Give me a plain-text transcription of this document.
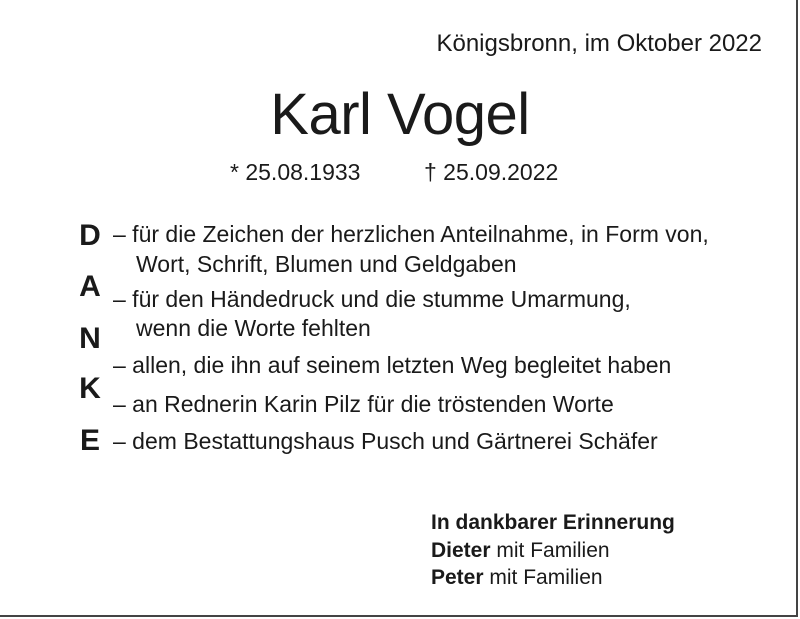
Königsbronn, im Oktober 2022
Karl Vogel
* 25.08.1933	† 25.09.2022
D
A
N
K
E
– für die Zeichen der herzlichen Anteilnahme, in Form von,
Wort, Schrift, Blumen und Geldgaben
– für den Händedruck und die stumme Umarmung,
wenn die Worte fehlten
– allen, die ihn auf seinem letzten Weg begleitet haben
– an Rednerin Karin Pilz für die tröstenden Worte
– dem Bestattungshaus Pusch und Gärtnerei Schäfer
In dankbarer Erinnerung
Dieter mit Familien
Peter mit Familien
